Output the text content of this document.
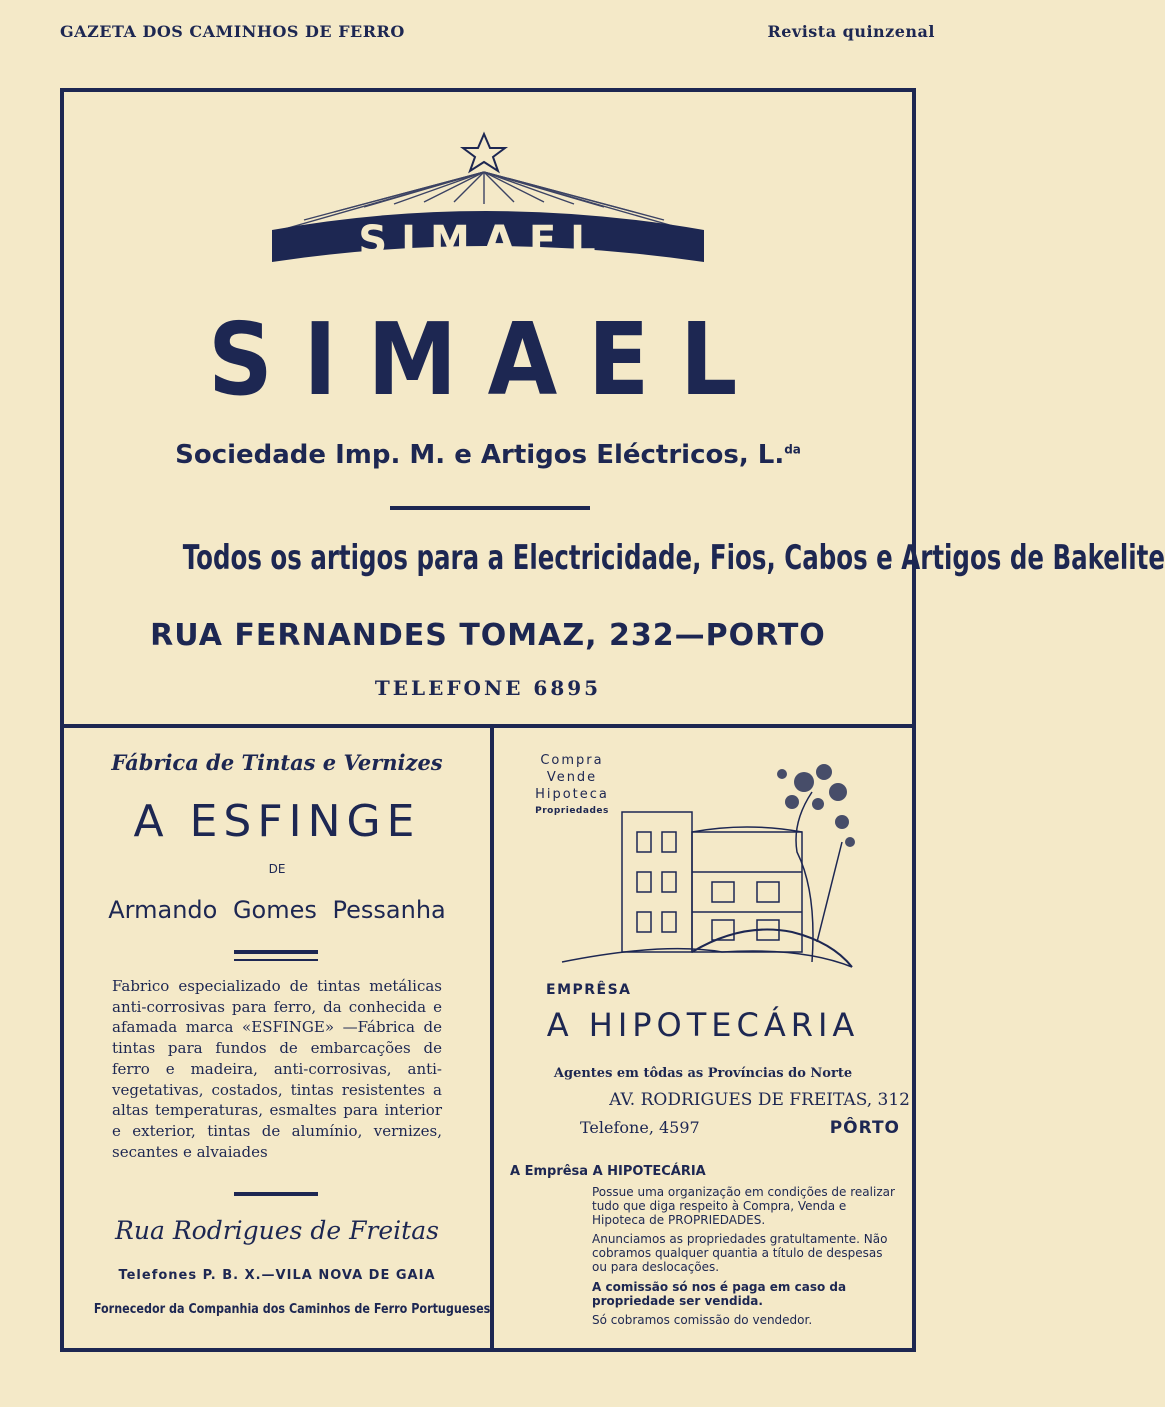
GAZETA DOS CAMINHOS DE FERRO	Revista quinzenal
SIMAEL
SIMAEL
Sociedade Imp. M. e Artigos Eléctricos, L.$^{da}$
Todos os artigos para a Electricidade, Fios, Cabos e Artigos de Bakelite
RUA FERNANDES TOMAZ, 232—PORTO
TELEFONE 6895
Fábrica de Tintas e Vernizes
A ESFINGE
DE
Armando Gomes Pessanha
Fabrico especializado de tintas metálicas anti-corrosivas para ferro, da conhecida e afamada marca «ESFINGE» —Fábrica de tintas para fundos de embarcações de ferro e madeira, anti-corrosivas, anti-vegetativas, costados, tintas resistentes a altas temperaturas, esmaltes para interior e exterior, tintas de alumínio, vernizes, secantes e alvaiades
Rua Rodrigues de Freitas
Telefones P. B. X.—VILA NOVA DE GAIA
Fornecedor da Companhia dos Caminhos de Ferro Portugueses
Compra
Vende
Hipoteca
Propriedades
EMPRÊSA
A HIPOTECÁRIA
Agentes em tôdas as Províncias do Norte
AV. RODRIGUES DE FREITAS, 312
Telefone, 4597	PÔRTO
A Emprêsa A HIPOTECÁRIA

Possue uma organização em condições de realizar tudo que diga respeito à Compra, Venda e Hipoteca de PROPRIEDADES.

Anunciamos as propriedades gratultamente. Não cobramos qualquer quantia a título de despesas ou para deslocações.

A comissão só nos é paga em caso da propriedade ser vendida.

Só cobramos comissão do vendedor.
